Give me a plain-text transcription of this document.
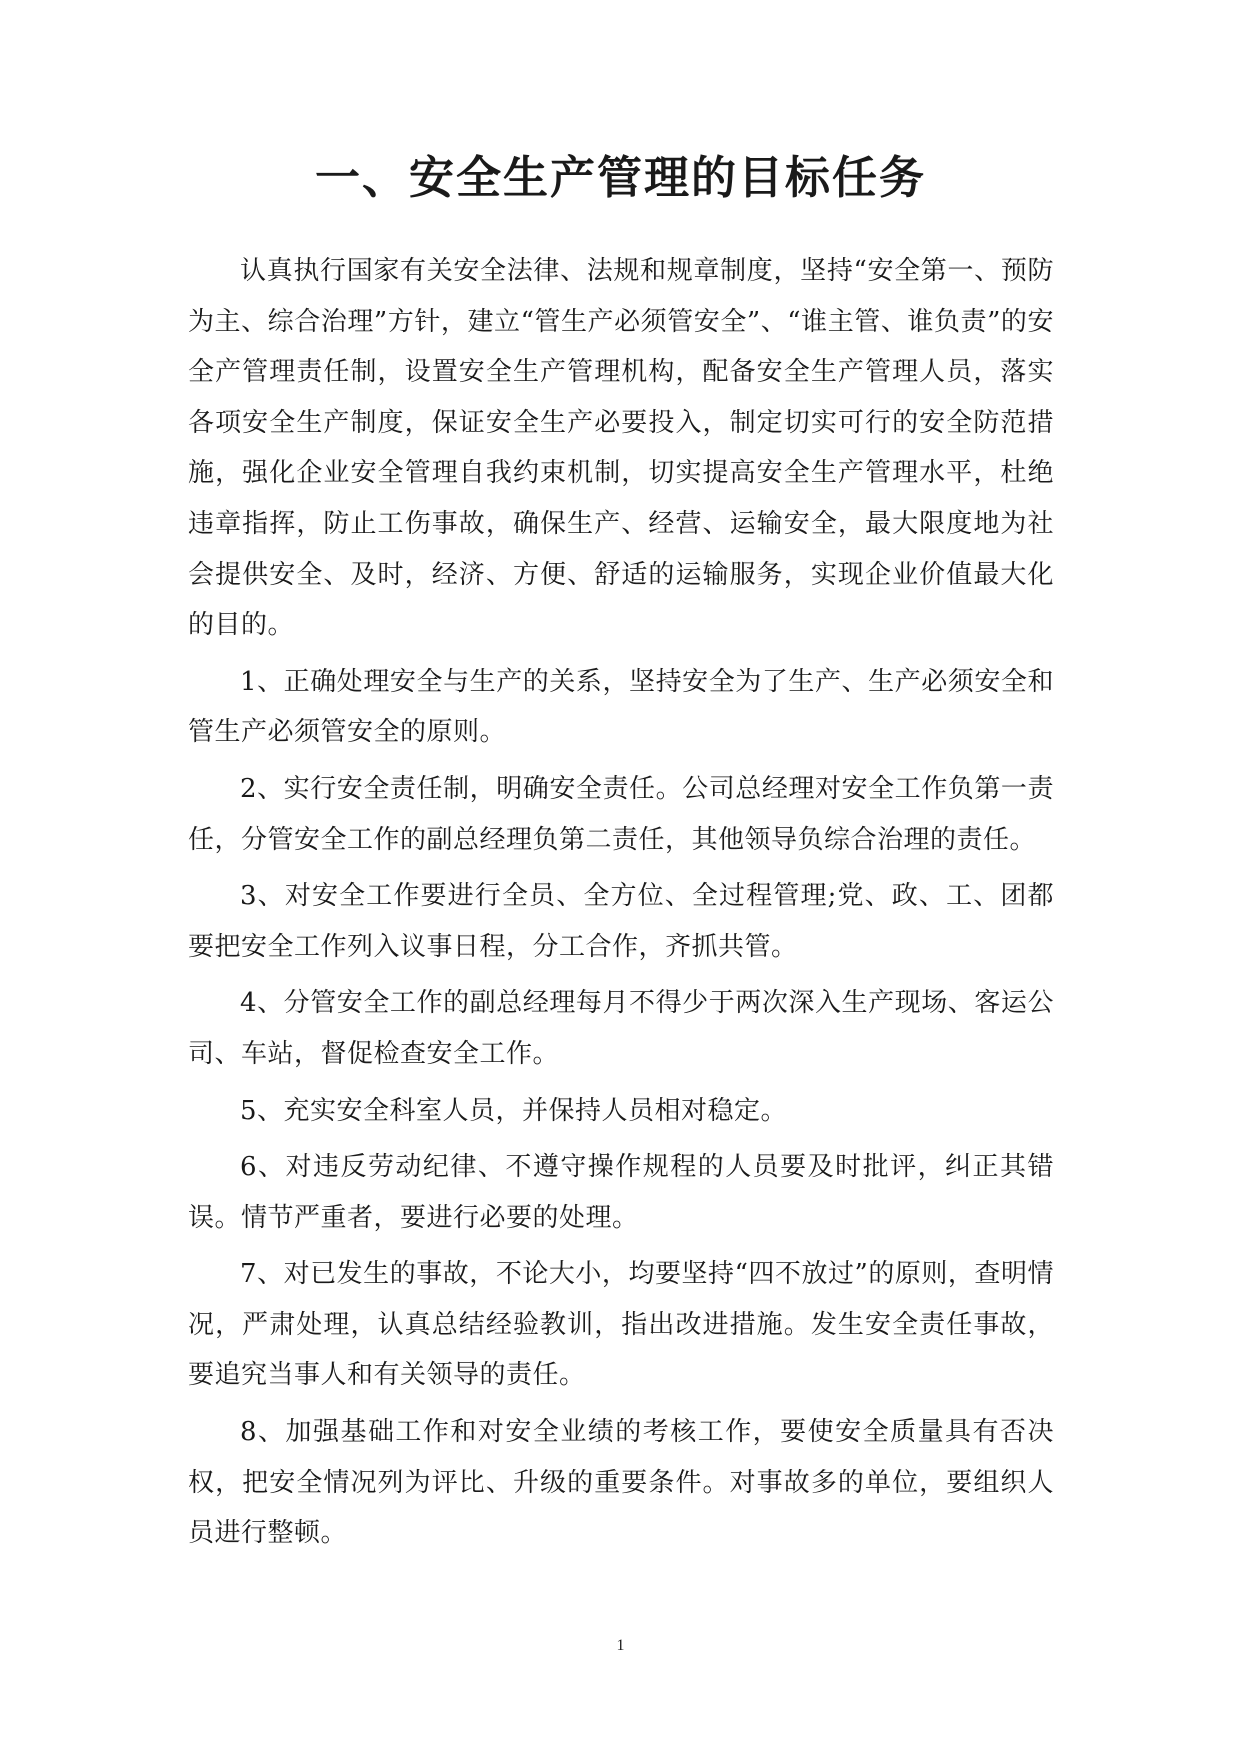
一、安全生产管理的目标任务

认真执行国家有关安全法律、法规和规章制度，坚持“安全第一、预防为主、综合治理”方针，建立“管生产必须管安全”、“谁主管、谁负责”的安全产管理责任制，设置安全生产管理机构，配备安全生产管理人员，落实各项安全生产制度，保证安全生产必要投入，制定切实可行的安全防范措施，强化企业安全管理自我约束机制，切实提高安全生产管理水平，杜绝违章指挥，防止工伤事故，确保生产、经营、运输安全，最大限度地为社会提供安全、及时，经济、方便、舒适的运输服务，实现企业价值最大化的目的。

1、正确处理安全与生产的关系，坚持安全为了生产、生产必须安全和管生产必须管安全的原则。

2、实行安全责任制，明确安全责任。公司总经理对安全工作负第一责任，分管安全工作的副总经理负第二责任，其他领导负综合治理的责任。

3、对安全工作要进行全员、全方位、全过程管理;党、政、工、团都要把安全工作列入议事日程，分工合作，齐抓共管。

4、分管安全工作的副总经理每月不得少于两次深入生产现场、客运公司、车站，督促检查安全工作。

5、充实安全科室人员，并保持人员相对稳定。

6、对违反劳动纪律、不遵守操作规程的人员要及时批评，纠正其错误。情节严重者，要进行必要的处理。

7、对已发生的事故，不论大小，均要坚持“四不放过”的原则，查明情况，严肃处理，认真总结经验教训，指出改进措施。发生安全责任事故，要追究当事人和有关领导的责任。

8、加强基础工作和对安全业绩的考核工作，要使安全质量具有否决权，把安全情况列为评比、升级的重要条件。对事故多的单位，要组织人员进行整顿。

1
